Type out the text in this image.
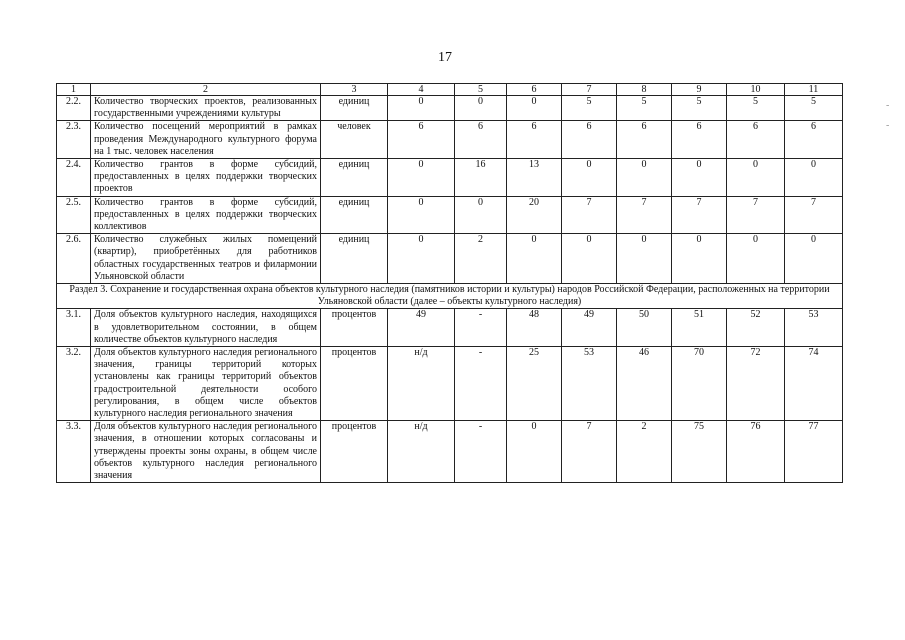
17
1	2	3	4	5	6	7	8	9	10	11
2.2.	Количество творческих проектов, реализованных государственными учреждениями культуры	единиц	0	0	0	5	5	5	5	5
2.3.	Количество посещений мероприятий в рамках проведения Международного культурного форума на 1 тыс. человек населения	человек	6	6	6	6	6	6	6	6
2.4.	Количество грантов в форме субсидий, предоставленных в целях поддержки творческих проектов	единиц	0	16	13	0	0	0	0	0
2.5.	Количество грантов в форме субсидий, предоставленных в целях поддержки творческих коллективов	единиц	0	0	20	7	7	7	7	7
2.6.	Количество служебных жилых помещений (квартир), приобретённых для работников областных государственных театров и филармонии Ульяновской области	единиц	0	2	0	0	0	0	0	0
Раздел 3. Сохранение и государственная охрана объектов культурного наследия (памятников истории и культуры) народов Российской Федерации, расположенных на территории Ульяновской области (далее – объекты культурного наследия)										
3.1.	Доля объектов культурного наследия, находящихся в удовлетворительном состоянии, в общем количестве объектов культурного наследия	процентов	49	-	48	49	50	51	52	53
3.2.	Доля объектов культурного наследия регионального значения, границы территорий которых установлены как границы территорий объектов градостроительной деятельности особого регулирования, в общем числе объектов культурного наследия регионального значения	процентов	н/д	-	25	53	46	70	72	74
3.3.	Доля объектов культурного наследия регионального значения, в отношении которых согласованы и утверждены проекты зоны охраны, в общем числе объектов культурного наследия регионального значения	процентов	н/д	-	0	7	2	75	76	77
-
-
